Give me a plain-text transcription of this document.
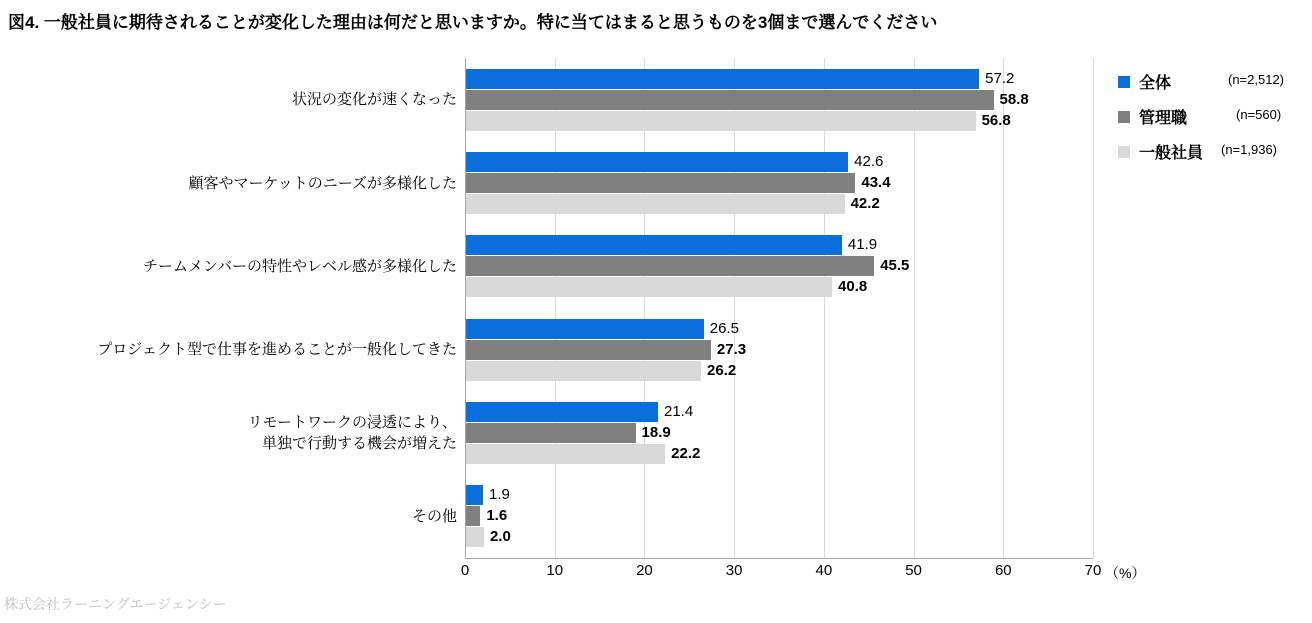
図4. 一般社員に期待されることが変化した理由は何だと思いますか。特に当てはまると思うものを3個まで選んでください
57.2
58.8
56.8
42.6
43.4
42.2
41.9
45.5
40.8
26.5
27.3
26.2
21.4
18.9
22.2
1.9
1.6
2.0
状況の変化が速くなった
顧客やマーケットのニーズが多様化した
チームメンバーの特性やレベル感が多様化した
プロジェクト型で仕事を進めることが一般化してきた
リモートワークの浸透により、
単独で行動する機会が増えた
その他
0	10	20	30	40	50	60	70 （%）
全体	(n=2,512)
管理職	(n=560)
一般社員 (n=1,936)
株式会社ラーニングエージェンシー
